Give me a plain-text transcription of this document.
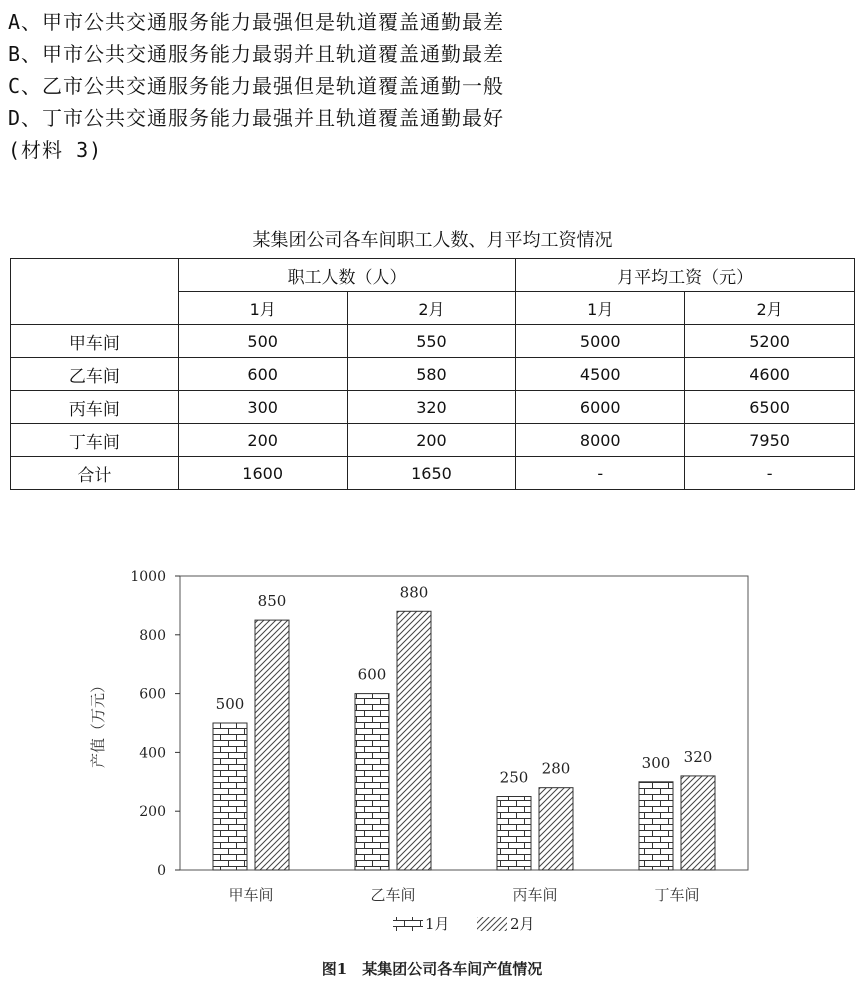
A、甲市公共交通服务能力最强但是轨道覆盖通勤最差
B、甲市公共交通服务能力最弱并且轨道覆盖通勤最差
C、乙市公共交通服务能力最强但是轨道覆盖通勤一般
D、丁市公共交通服务能力最强并且轨道覆盖通勤最好
(材料 3)
某集团公司各车间职工人数、月平均工资情况
	职工人数（人）		月平均工资（元）	
	1月	2月	1月	2月
甲车间	500	550	5000	5200
乙车间	600	580	4500	4600
丙车间	300	320	6000	6500
丁车间	200	200	8000	7950
合计	1600	1650	-	-
0
200
400
600
800
1000
产值（万元）
甲车间
500
850
乙车间
600
880
丙车间
250 280
丁车间
300 320
1月	2月
图1　某集团公司各车间产值情况
